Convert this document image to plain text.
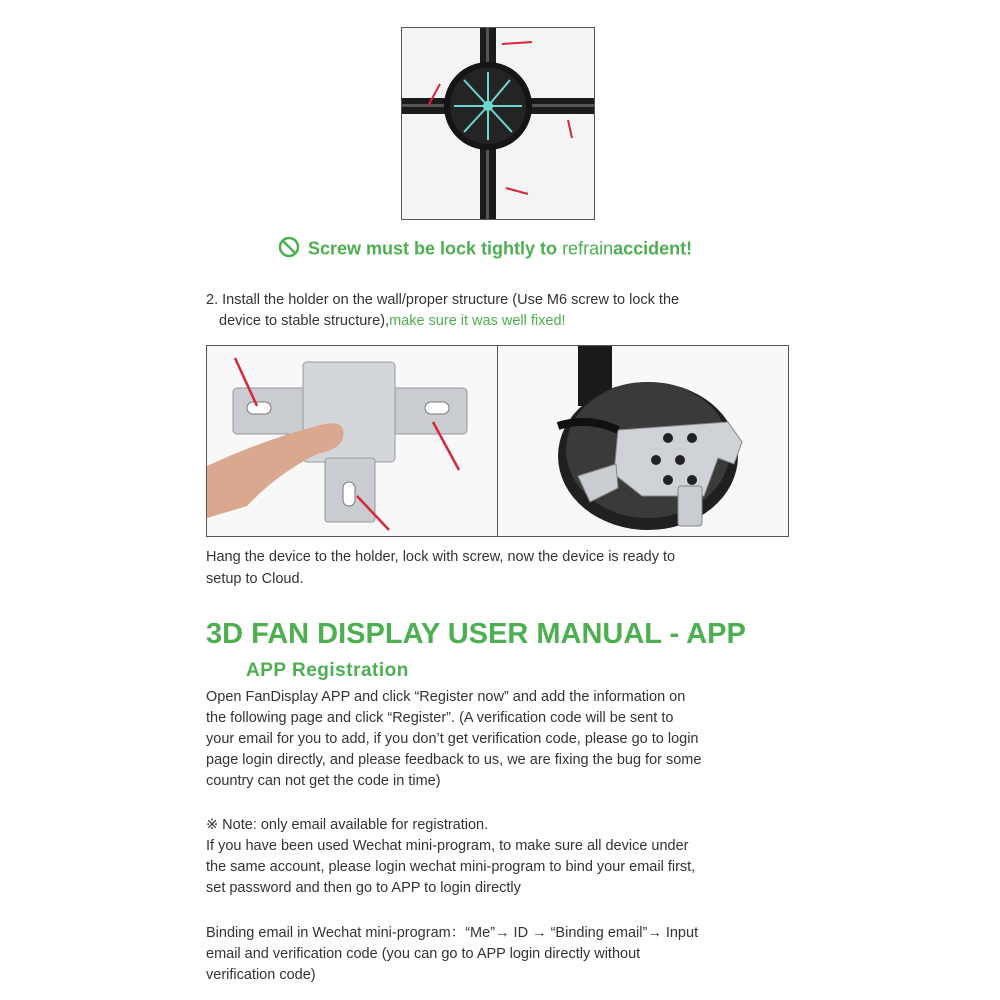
Screw must be lock tightly to refrainaccident!
2. Install the holder on the wall/proper structure (Use M6 screw to lock the
device to stable structure),make sure it was well fixed!
Hang the device to the holder, lock with screw, now the device is ready to
setup to Cloud.
3D FAN DISPLAY USER MANUAL - APP
APP Registration
Open FanDisplay APP and click “Register now” and add the information on
the following page and click “Register”. (A verification code will be sent to
your email for you to add, if you don’t get verification code, please go to login
page login directly, and please feedback to us, we are fixing the bug for some
country can not get the code in time)
※ Note: only email available for registration.
If you have been used Wechat mini-program, to make sure all device under
the same account, please login wechat mini-program to bind your email first,
set password and then go to APP to login directly
Binding email in Wechat mini-program：“Me”→ ID → “Binding email”→ Input
email and verification code (you can go to APP login directly without
verification code)
